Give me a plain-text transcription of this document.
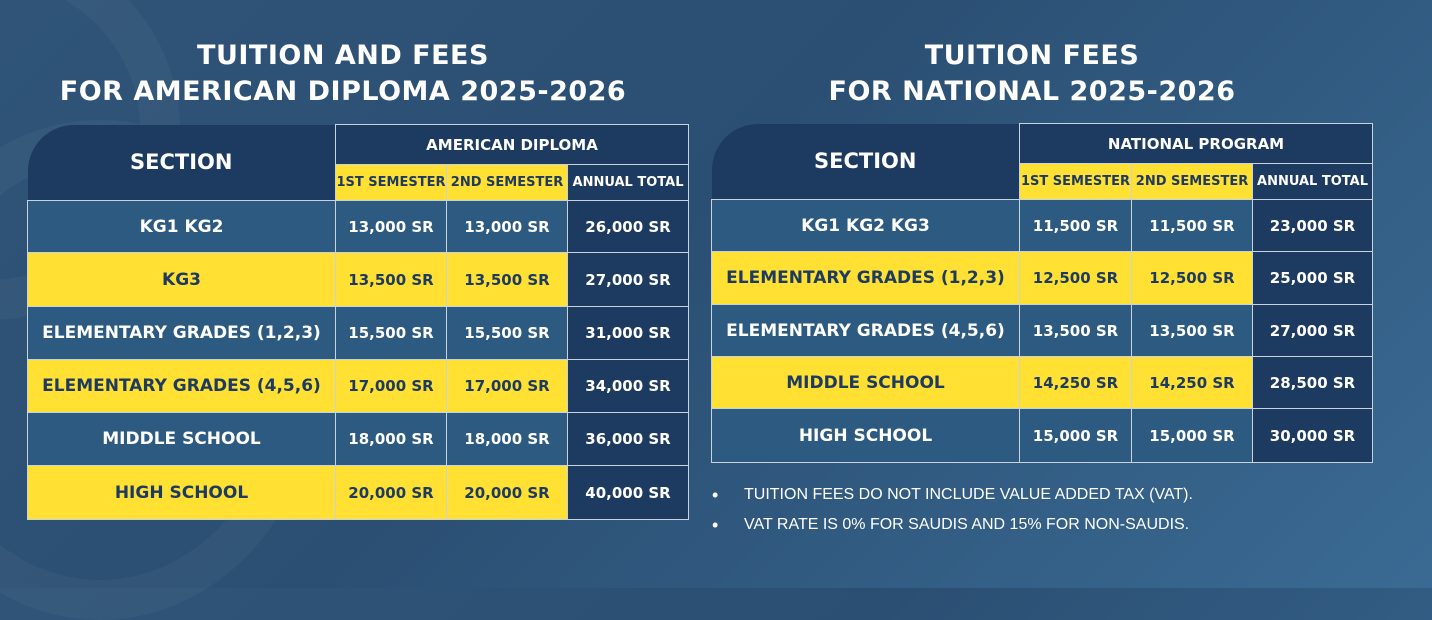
TUITION AND FEES
FOR AMERICAN DIPLOMA 2025-2026
SECTION	AMERICAN DIPLOMA		
	1ST SEMESTER	2ND SEMESTER	ANNUAL TOTAL
KG1 KG2	13,000 SR	13,000 SR	26,000 SR
KG3	13,500 SR	13,500 SR	27,000 SR
ELEMENTARY GRADES (1,2,3)	15,500 SR	15,500 SR	31,000 SR
ELEMENTARY GRADES (4,5,6)	17,000 SR	17,000 SR	34,000 SR
MIDDLE SCHOOL	18,000 SR	18,000 SR	36,000 SR
HIGH SCHOOL	20,000 SR	20,000 SR	40,000 SR
TUITION FEES
FOR NATIONAL 2025-2026
SECTION	NATIONAL PROGRAM		
	1ST SEMESTER	2ND SEMESTER	ANNUAL TOTAL
KG1 KG2 KG3	11,500 SR	11,500 SR	23,000 SR
ELEMENTARY GRADES (1,2,3)	12,500 SR	12,500 SR	25,000 SR
ELEMENTARY GRADES (4,5,6)	13,500 SR	13,500 SR	27,000 SR
MIDDLE SCHOOL	14,250 SR	14,250 SR	28,500 SR
HIGH SCHOOL	15,000 SR	15,000 SR	30,000 SR
• TUITION FEES DO NOT INCLUDE VALUE ADDED TAX (VAT).
• VAT RATE IS 0% FOR SAUDIS AND 15% FOR NON-SAUDIS.
